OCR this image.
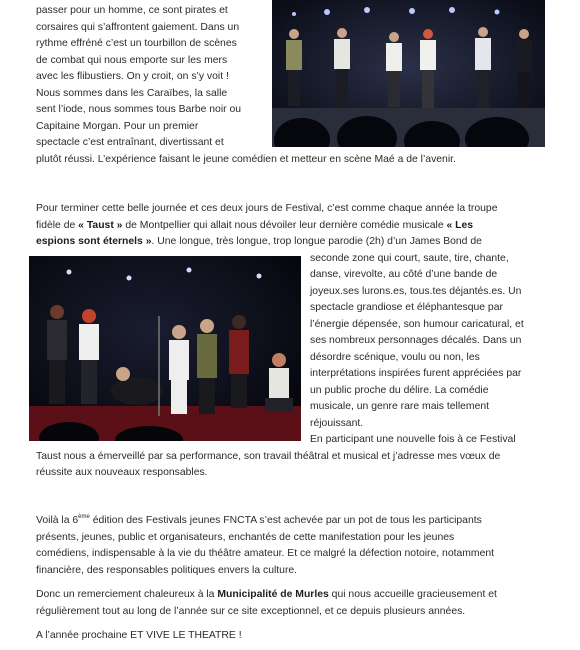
passer pour un homme, ce sont pirates et
corsaires qui s’affrontent gaiement. Dans un
rythme effréné c’est un tourbillon de scènes
de combat qui nous emporte sur les mers
avec les flibustiers. On y croit, on s’y voit !
Nous sommes dans les Caraïbes, la salle
sent l’iode, nous sommes tous Barbe noir ou
Capitaine Morgan. Pour un premier
spectacle c’est entraînant, divertissant et
plutôt réussi. L’expérience faisant le jeune comédien et metteur en scène Maé a de l’avenir.
Pour terminer cette belle journée et ces deux jours de Festival, c’est comme chaque année la troupe
fidèle de « Taust » de Montpellier qui allait nous dévoiler leur dernière comédie musicale « Les
espions sont éternels ». Une longue, très longue, trop longue parodie (2h) d’un James Bond de
seconde zone qui court, saute, tire, chante,
danse, virevolte, au côté d’une bande de
joyeux.ses lurons.es, tous.tes déjantés.es. Un
spectacle grandiose et éléphantesque par
l’énergie dépensée, son humour caricatural, et
ses nombreux personnages décalés. Dans un
désordre scénique, voulu ou non, les
interprétations inspirées furent appréciées par
un public proche du délire. La comédie
musicale, un genre rare mais tellement
réjouissant.
En participant une nouvelle fois à ce Festival
Taust nous a émerveillé par sa performance, son travail théâtral et musical et j’adresse mes vœux de
réussite aux nouveaux responsables.
Voilà la 6ème édition des Festivals jeunes FNCTA s’est achevée par un pot de tous les participants
présents, jeunes, public et organisateurs, enchantés de cette manifestation pour les jeunes
comédiens, indispensable à la vie du théâtre amateur. Et ce malgré la défection notoire, notamment
financière, des responsables politiques envers la culture.
Donc un remerciement chaleureux à la Municipalité de Murles qui nous accueille gracieusement et
régulièrement tout au long de l’année sur ce site exceptionnel, et ce depuis plusieurs années.
A l’année prochaine ET VIVE LE THEATRE !
